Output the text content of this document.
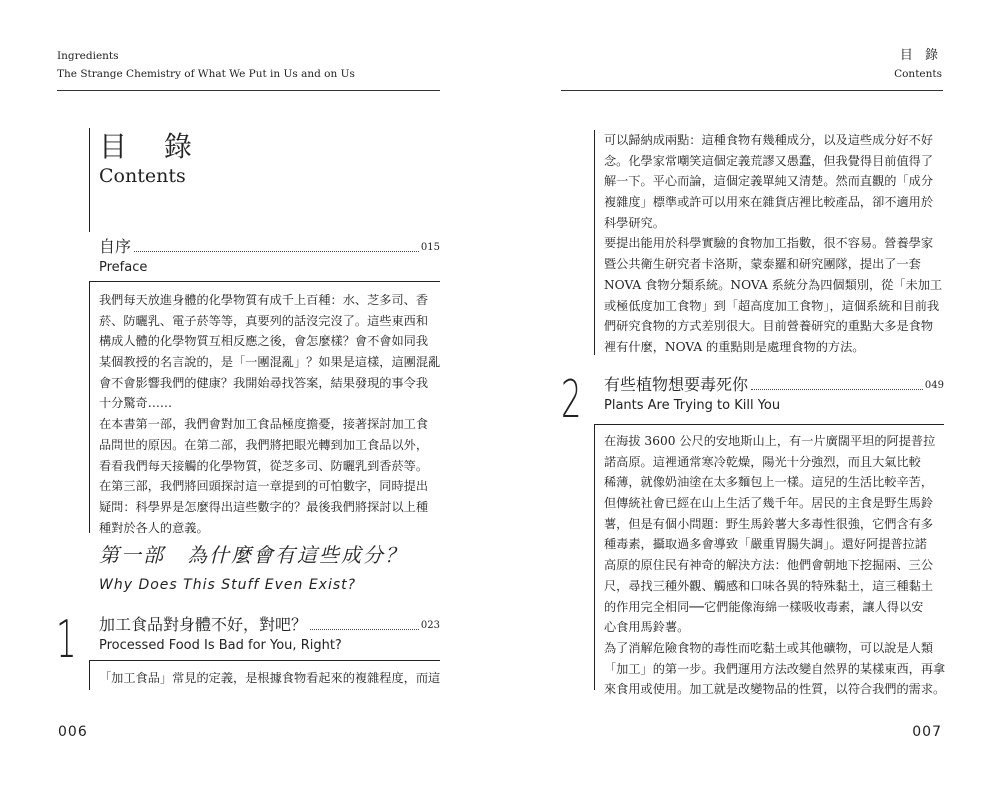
Ingredients
The Strange Chemistry of What We Put in Us and on Us
目 錄
Contents
自序	015
Preface
我們每天放進身體的化學物質有成千上百種：水、芝多司、香
菸、防曬乳、電子菸等等，真要列的話沒完沒了。這些東西和
構成人體的化學物質互相反應之後，會怎麼樣？會不會如同我
某個教授的名言說的，是「一團混亂」？如果是這樣，這團混亂
會不會影響我們的健康？我開始尋找答案，結果發現的事令我
十分驚奇……
在本書第一部，我們會對加工食品極度擔憂，接著探討加工食
品問世的原因。在第二部，我們將把眼光轉到加工食品以外，
看看我們每天接觸的化學物質，從芝多司、防曬乳到香菸等。
在第三部，我們將回頭探討這一章提到的可怕數字，同時提出
疑問：科學界是怎麼得出這些數字的？最後我們將探討以上種
種對於各人的意義。
第一部 為什麼會有這些成分？
Why Does This Stuff Even Exist?
1 加工食品對身體不好，對吧？	023
Processed Food Is Bad for You, Right?
「加工食品」常見的定義，是根據食物看起來的複雜程度，而這
006
目 錄
Contents
可以歸納成兩點：這種食物有幾種成分，以及這些成分好不好
念。化學家常嘲笑這個定義荒謬又愚蠢，但我覺得目前值得了
解一下。平心而論，這個定義單純又清楚。然而直觀的「成分
複雜度」標準或許可以用來在雜貨店裡比較產品，卻不適用於
科學研究。
要提出能用於科學實驗的食物加工指數，很不容易。營養學家
暨公共衛生研究者卡洛斯，蒙泰羅和研究團隊，提出了一套
NOVA 食物分類系統。NOVA 系統分為四個類別，從「未加工
或極低度加工食物」到「超高度加工食物」，這個系統和目前我
們研究食物的方式差別很大。目前營養研究的重點大多是食物
裡有什麼，NOVA 的重點則是處理食物的方法。
2 有些植物想要毒死你	049
Plants Are Trying to Kill You
在海拔 3600 公尺的安地斯山上，有一片廣闊平坦的阿提普拉
諾高原。這裡通常寒冷乾燥，陽光十分強烈，而且大氣比較
稀薄，就像奶油塗在太多麵包上一樣。這兒的生活比較辛苦，
但傳統社會已經在山上生活了幾千年。居民的主食是野生馬鈴
薯，但是有個小問題：野生馬鈴薯大多毒性很強，它們含有多
種毒素，攝取過多會導致「嚴重胃腸失調」。還好阿提普拉諾
高原的原住民有神奇的解決方法：他們會朝地下挖掘兩、三公
尺，尋找三種外觀、觸感和口味各異的特殊黏土，這三種黏土
的作用完全相同──它們能像海綿一樣吸收毒素，讓人得以安
心食用馬鈴薯。
為了消解危險食物的毒性而吃黏土或其他礦物，可以說是人類
「加工」的第一步。我們運用方法改變自然界的某樣東西，再拿
來食用或使用。加工就是改變物品的性質，以符合我們的需求。
007
